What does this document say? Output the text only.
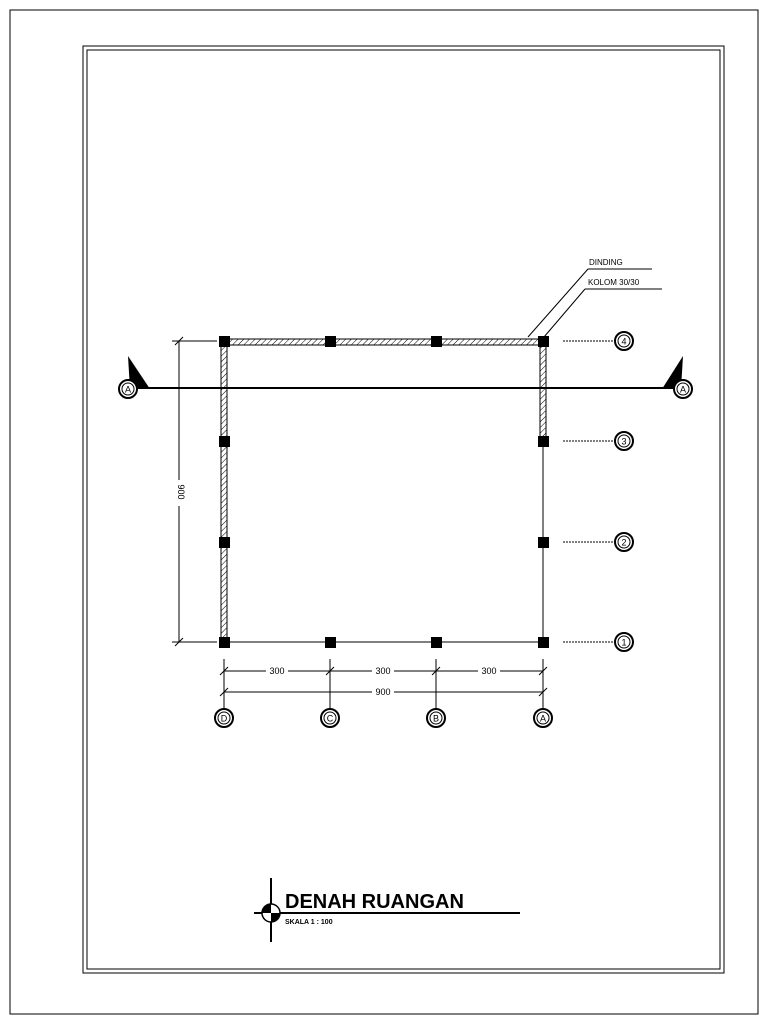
A	A
4
3
2
1
900
300	300	300
900
D	C	B	A
DINDING
KOLOM 30/30
DENAH RUANGAN
SKALA 1 : 100
